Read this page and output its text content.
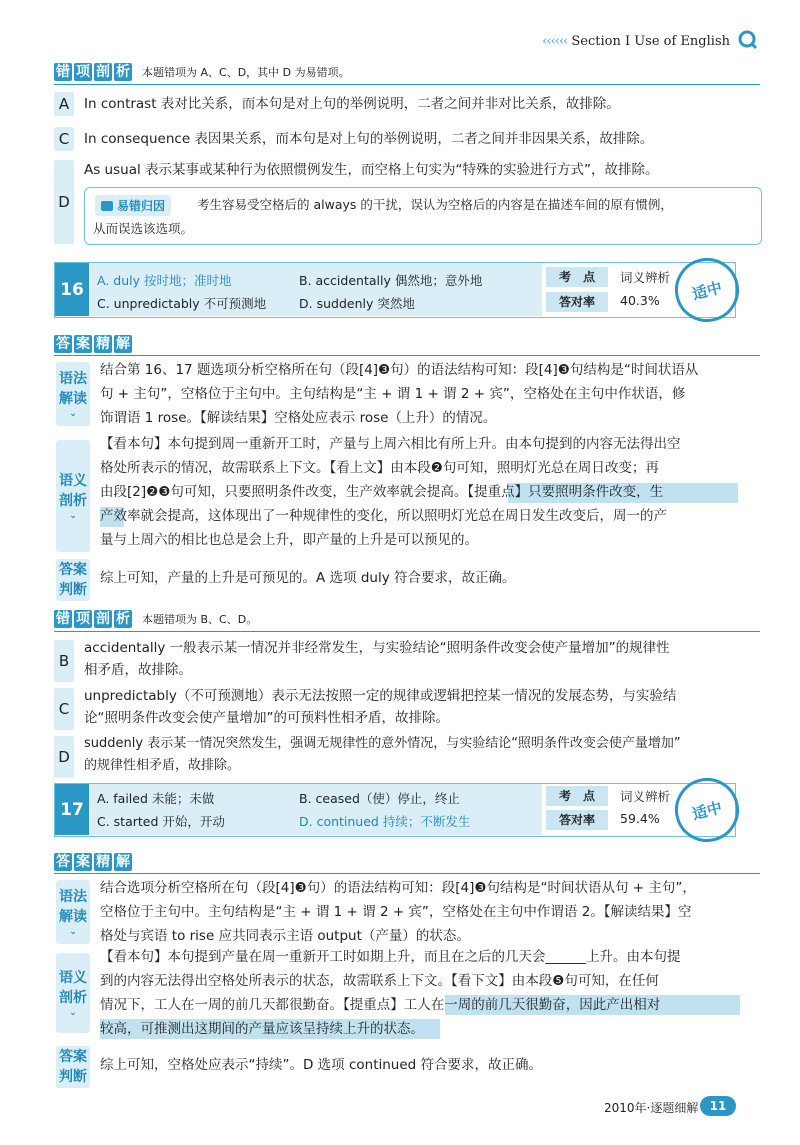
‹‹‹‹‹‹ Section I Use of English
错 项 剖 析 本题错项为 A、C、D，其中 D 为易错项。
A	In contrast 表对比关系，而本句是对上句的举例说明，二者之间并非对比关系，故排除。
C	In consequence 表因果关系，而本句是对上句的举例说明，二者之间并非因果关系，故排除。
D
As usual 表示某事或某种行为依照惯例发生，而空格上句实为“特殊的实验进行方式”，故排除。
易错归因	考生容易受空格后的 always 的干扰，误认为空格后的内容是在描述车间的原有惯例，
从而误选该选项。
16	A. duly 按时地；准时地	B. accidentally 偶然地；意外地
C. unpredictably 不可预测地	D. suddenly 突然地
考　点	词义辨析
答对率	40.3%	适中
答 案 精 解
语法
解读
⌄
结合第 16、17 题选项分析空格所在句（段[4]❸句）的语法结构可知：段[4]❸句结构是“时间状语从
句 + 主句”，空格位于主句中。主句结构是“主 + 谓 1 + 谓 2 + 宾”，空格处在主句中作状语，修
饰谓语 1 rose。【解读结果】空格处应表示 rose（上升）的情况。
语义
剖析
⌄
【看本句】本句提到周一重新开工时，产量与上周六相比有所上升。由本句提到的内容无法得出空
格处所表示的情况，故需联系上下文。【看上文】由本段❷句可知，照明灯光总在周日改变；再
由段[2]❷❸句可知，只要照明条件改变，生产效率就会提高。【提重点】只要照明条件改变，生
产效率就会提高，这体现出了一种规律性的变化，所以照明灯光总在周日发生改变后，周一的产
量与上周六的相比也总是会上升，即产量的上升是可以预见的。
答案
判断
综上可知，产量的上升是可预见的。A 选项 duly 符合要求，故正确。
错 项 剖 析 本题错项为 B、C、D。
B
accidentally 一般表示某一情况并非经常发生，与实验结论“照明条件改变会使产量增加”的规律性
相矛盾，故排除。
C
unpredictably（不可预测地）表示无法按照一定的规律或逻辑把控某一情况的发展态势，与实验结
论“照明条件改变会使产量增加”的可预料性相矛盾，故排除。
D
suddenly 表示某一情况突然发生，强调无规律性的意外情况，与实验结论“照明条件改变会使产量增加”
的规律性相矛盾，故排除。
17
A. failed 未能；未做	B. ceased（使）停止，终止
C. started 开始，开动	D. continued 持续；不断发生
考　点	词义辨析
答对率	59.4%	适中
答 案 精 解
语法
解读
⌄
结合选项分析空格所在句（段[4]❸句）的语法结构可知：段[4]❸句结构是“时间状语从句 + 主句”，
空格位于主句中。主句结构是“主 + 谓 1 + 谓 2 + 宾”，空格处在主句中作谓语 2。【解读结果】空
格处与宾语 to rise 应共同表示主语 output（产量）的状态。
语义
剖析
⌄
【看本句】本句提到产量在周一重新开工时如期上升，而且在之后的几天会______上升。由本句提
到的内容无法得出空格处所表示的状态，故需联系上下文。【看下文】由本段❺句可知，在任何
情况下，工人在一周的前几天都很勤奋。【提重点】工人在一周的前几天很勤奋，因此产出相对
较高，可推测出这期间的产量应该呈持续上升的状态。
答案
判断
综上可知，空格处应表示“持续”。D 选项 continued 符合要求，故正确。
2010年·逐题细解 11
